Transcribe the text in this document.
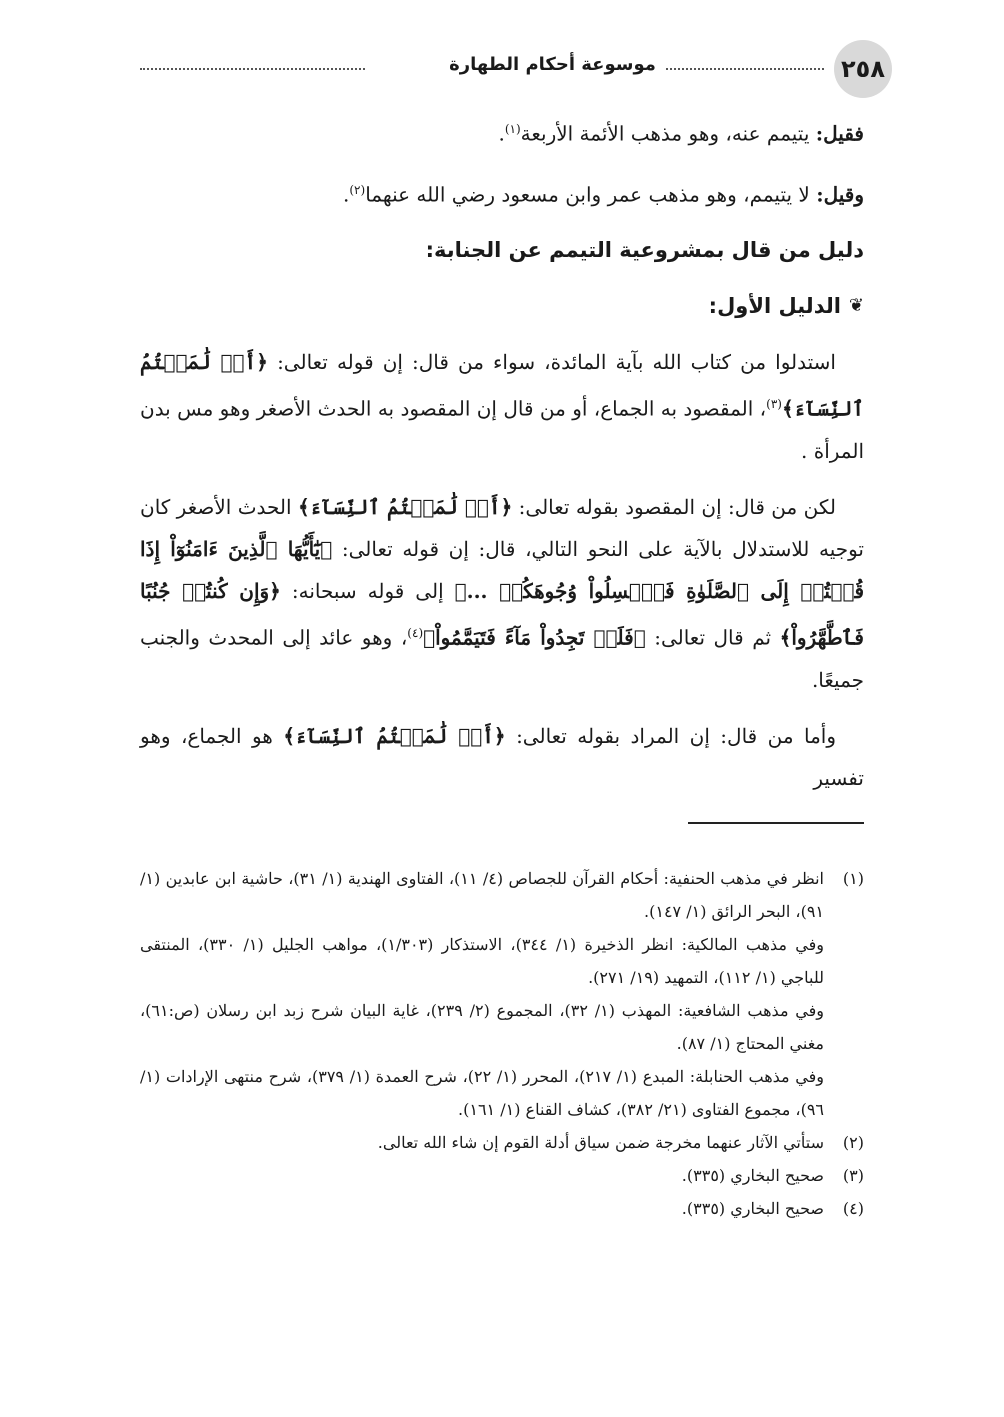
٢٥٨
موسوعة أحكام الطهارة

فقيل: يتيمم عنه، وهو مذهب الأئمة الأربعة$^{(١)}$.

وقيل: لا يتيمم، وهو مذهب عمر وابن مسعود رضي الله عنهما$^{(٢)}$.

دليل من قال بمشروعية التيمم عن الجنابة:

❦
الدليل الأول:

استدلوا من كتاب الله بآية المائدة، سواء من قال: إن قوله تعالى: ﴿أَوۡ لَٰمَسۡتُمُ ٱلنِّسَآءَ﴾$^{(٣)}$، المقصود به الجماع، أو من قال إن المقصود به الحدث الأصغر وهو مس بدن المرأة .

لكن من قال: إن المقصود بقوله تعالى: ﴿أَوۡ لَٰمَسۡتُمُ ٱلنِّسَآءَ﴾ الحدث الأصغر كان توجيه للاستدلال بالآية على النحو التالي، قال: إن قوله تعالى: ﴿يَٰٓأَيُّهَا ٱلَّذِينَ ءَامَنُوٓاْ إِذَا قُمۡتُمۡ إِلَى ٱلصَّلَوٰةِ فَٱغۡسِلُواْ وُجُوهَكُمۡ ...﴾ إلى قوله سبحانه: ﴿وَإِن كُنتُمۡ جُنُبًا فَٱطَّهَّرُواْ﴾ ثم قال تعالى: ﴿فَلَمۡ تَجِدُواْ مَآءً فَتَيَمَّمُواْ﴾$^{(٤)}$، وهو عائد إلى المحدث والجنب جميعًا.

وأما من قال: إن المراد بقوله تعالى: ﴿أَوۡ لَٰمَسۡتُمُ ٱلنِّسَآءَ﴾ هو الجماع، وهو تفسير

(١)

انظر في مذهب الحنفية: أحكام القرآن للجصاص (٤/ ١١)، الفتاوى الهندية (١/ ٣١)، حاشية ابن عابدين (١/ ٩١)، البحر الرائق (١/ ١٤٧).

وفي مذهب المالكية: انظر الذخيرة (١/ ٣٤٤)، الاستذكار (١/٣٠٣)، مواهب الجليل (١/ ٣٣٠)، المنتقى للباجي (١/ ١١٢)، التمهيد (١٩/ ٢٧١).

وفي مذهب الشافعية: المهذب (١/ ٣٢)، المجموع (٢/ ٢٣٩)، غاية البيان شرح زبد ابن رسلان (ص:٦١)، مغني المحتاج (١/ ٨٧).

وفي مذهب الحنابلة: المبدع (١/ ٢١٧)، المحرر (١/ ٢٢)، شرح العمدة (١/ ٣٧٩)، شرح منتهى الإرادات (١/ ٩٦)، مجموع الفتاوى (٢١/ ٣٨٢)، كشاف القناع (١/ ١٦١).

(٢)

ستأتي الآثار عنهما مخرجة ضمن سياق أدلة القوم إن شاء الله تعالى.

(٣)

صحيح البخاري (٣٣٥).

(٤)

صحيح البخاري (٣٣٥).
